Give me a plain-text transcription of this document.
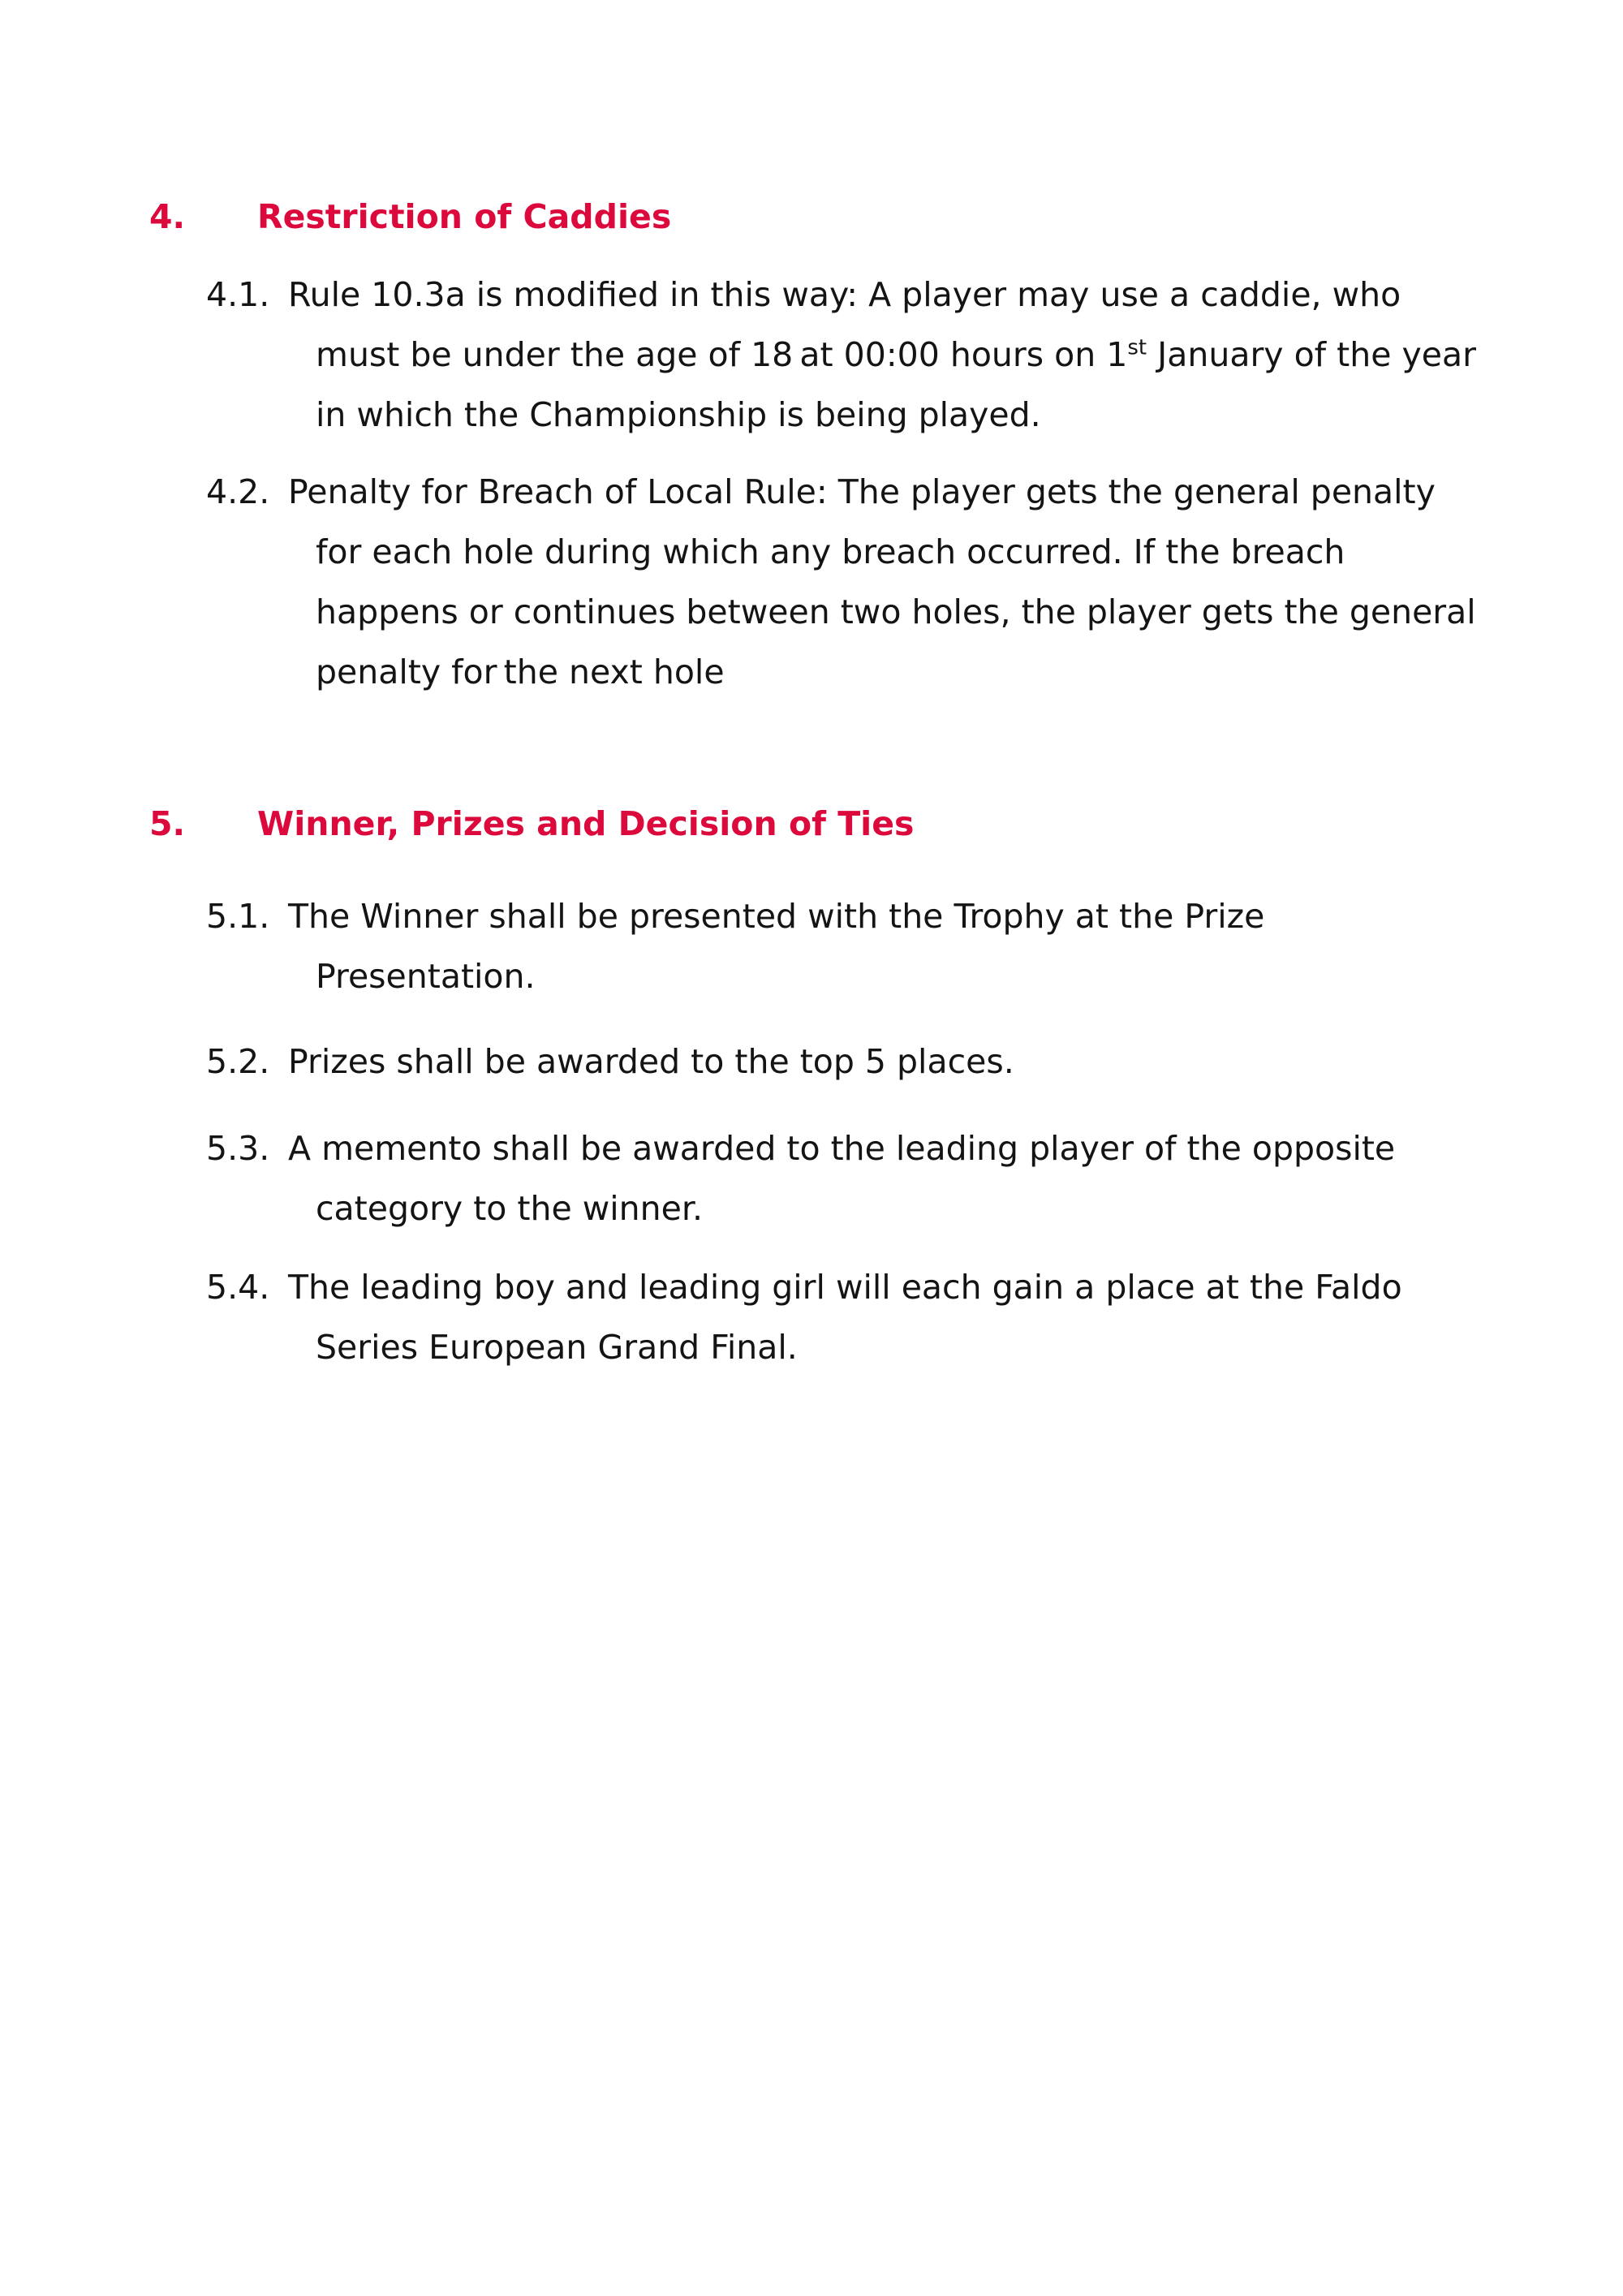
4. Restriction of Caddies
4.1. Rule 10.3a is modified in this way: A player may use a caddie, who
must be under the age of 18 at 00:00 hours on 1st January of the year
in which the Championship is being played.
4.2. Penalty for Breach of Local Rule: The player gets the general penalty
for each hole during which any breach occurred. If the breach
happens or continues between two holes, the player gets the general
penalty for the next hole
5. Winner, Prizes and Decision of Ties
5.1. The Winner shall be presented with the Trophy at the Prize
Presentation.
5.2. Prizes shall be awarded to the top 5 places.
5.3. A memento shall be awarded to the leading player of the opposite
category to the winner.
5.4. The leading boy and leading girl will each gain a place at the Faldo
Series European Grand Final.
